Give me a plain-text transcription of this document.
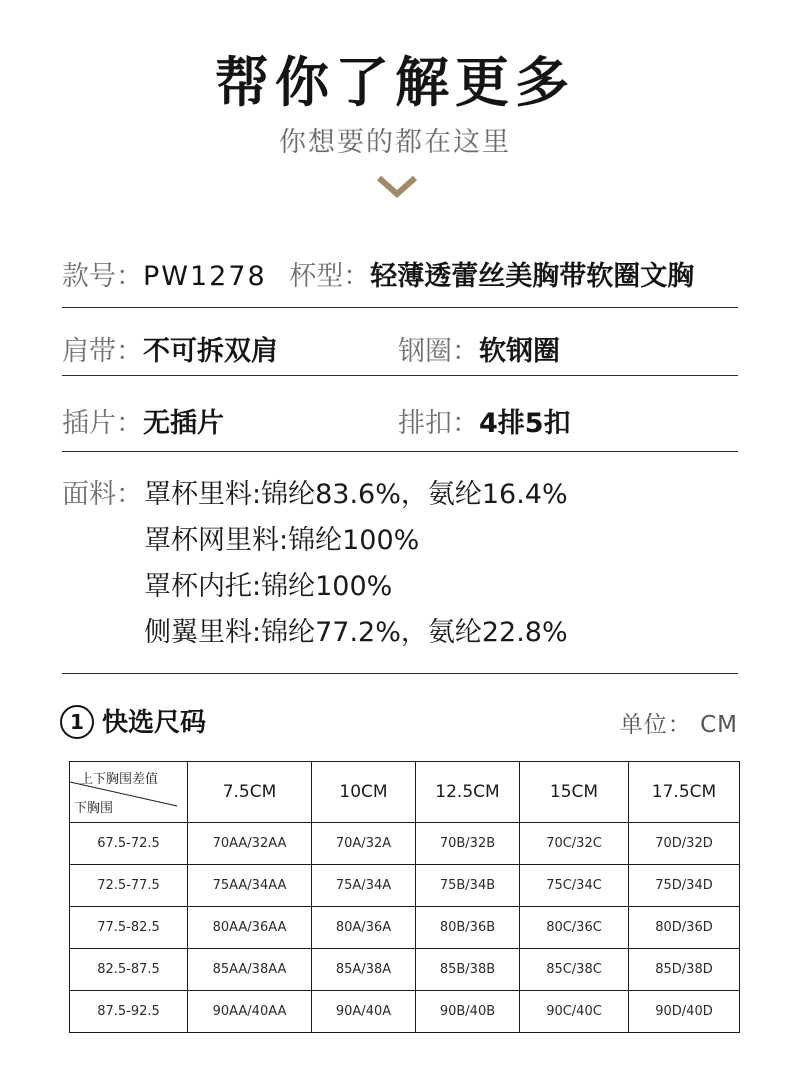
帮你了解更多
你想要的都在这里
款号：PW1278 杯型：轻薄透蕾丝美胸带软圈文胸
肩带：不可拆双肩	钢圈：软钢圈
插片：无插片	排扣：4排5扣
面料： 罩杯里料:锦纶83.6%，氨纶16.4%
罩杯网里料:锦纶100%
罩杯内托:锦纶100%
侧翼里料:锦纶77.2%，氨纶22.8%
1 快选尺码	单位： CM
上下胸围差值
下胸围	7.5CM	10CM	12.5CM	15CM	17.5CM
67.5-72.5	70AA/32AA	70A/32A	70B/32B	70C/32C	70D/32D
72.5-77.5	75AA/34AA	75A/34A	75B/34B	75C/34C	75D/34D
77.5-82.5	80AA/36AA	80A/36A	80B/36B	80C/36C	80D/36D
82.5-87.5	85AA/38AA	85A/38A	85B/38B	85C/38C	85D/38D
87.5-92.5	90AA/40AA	90A/40A	90B/40B	90C/40C	90D/40D
